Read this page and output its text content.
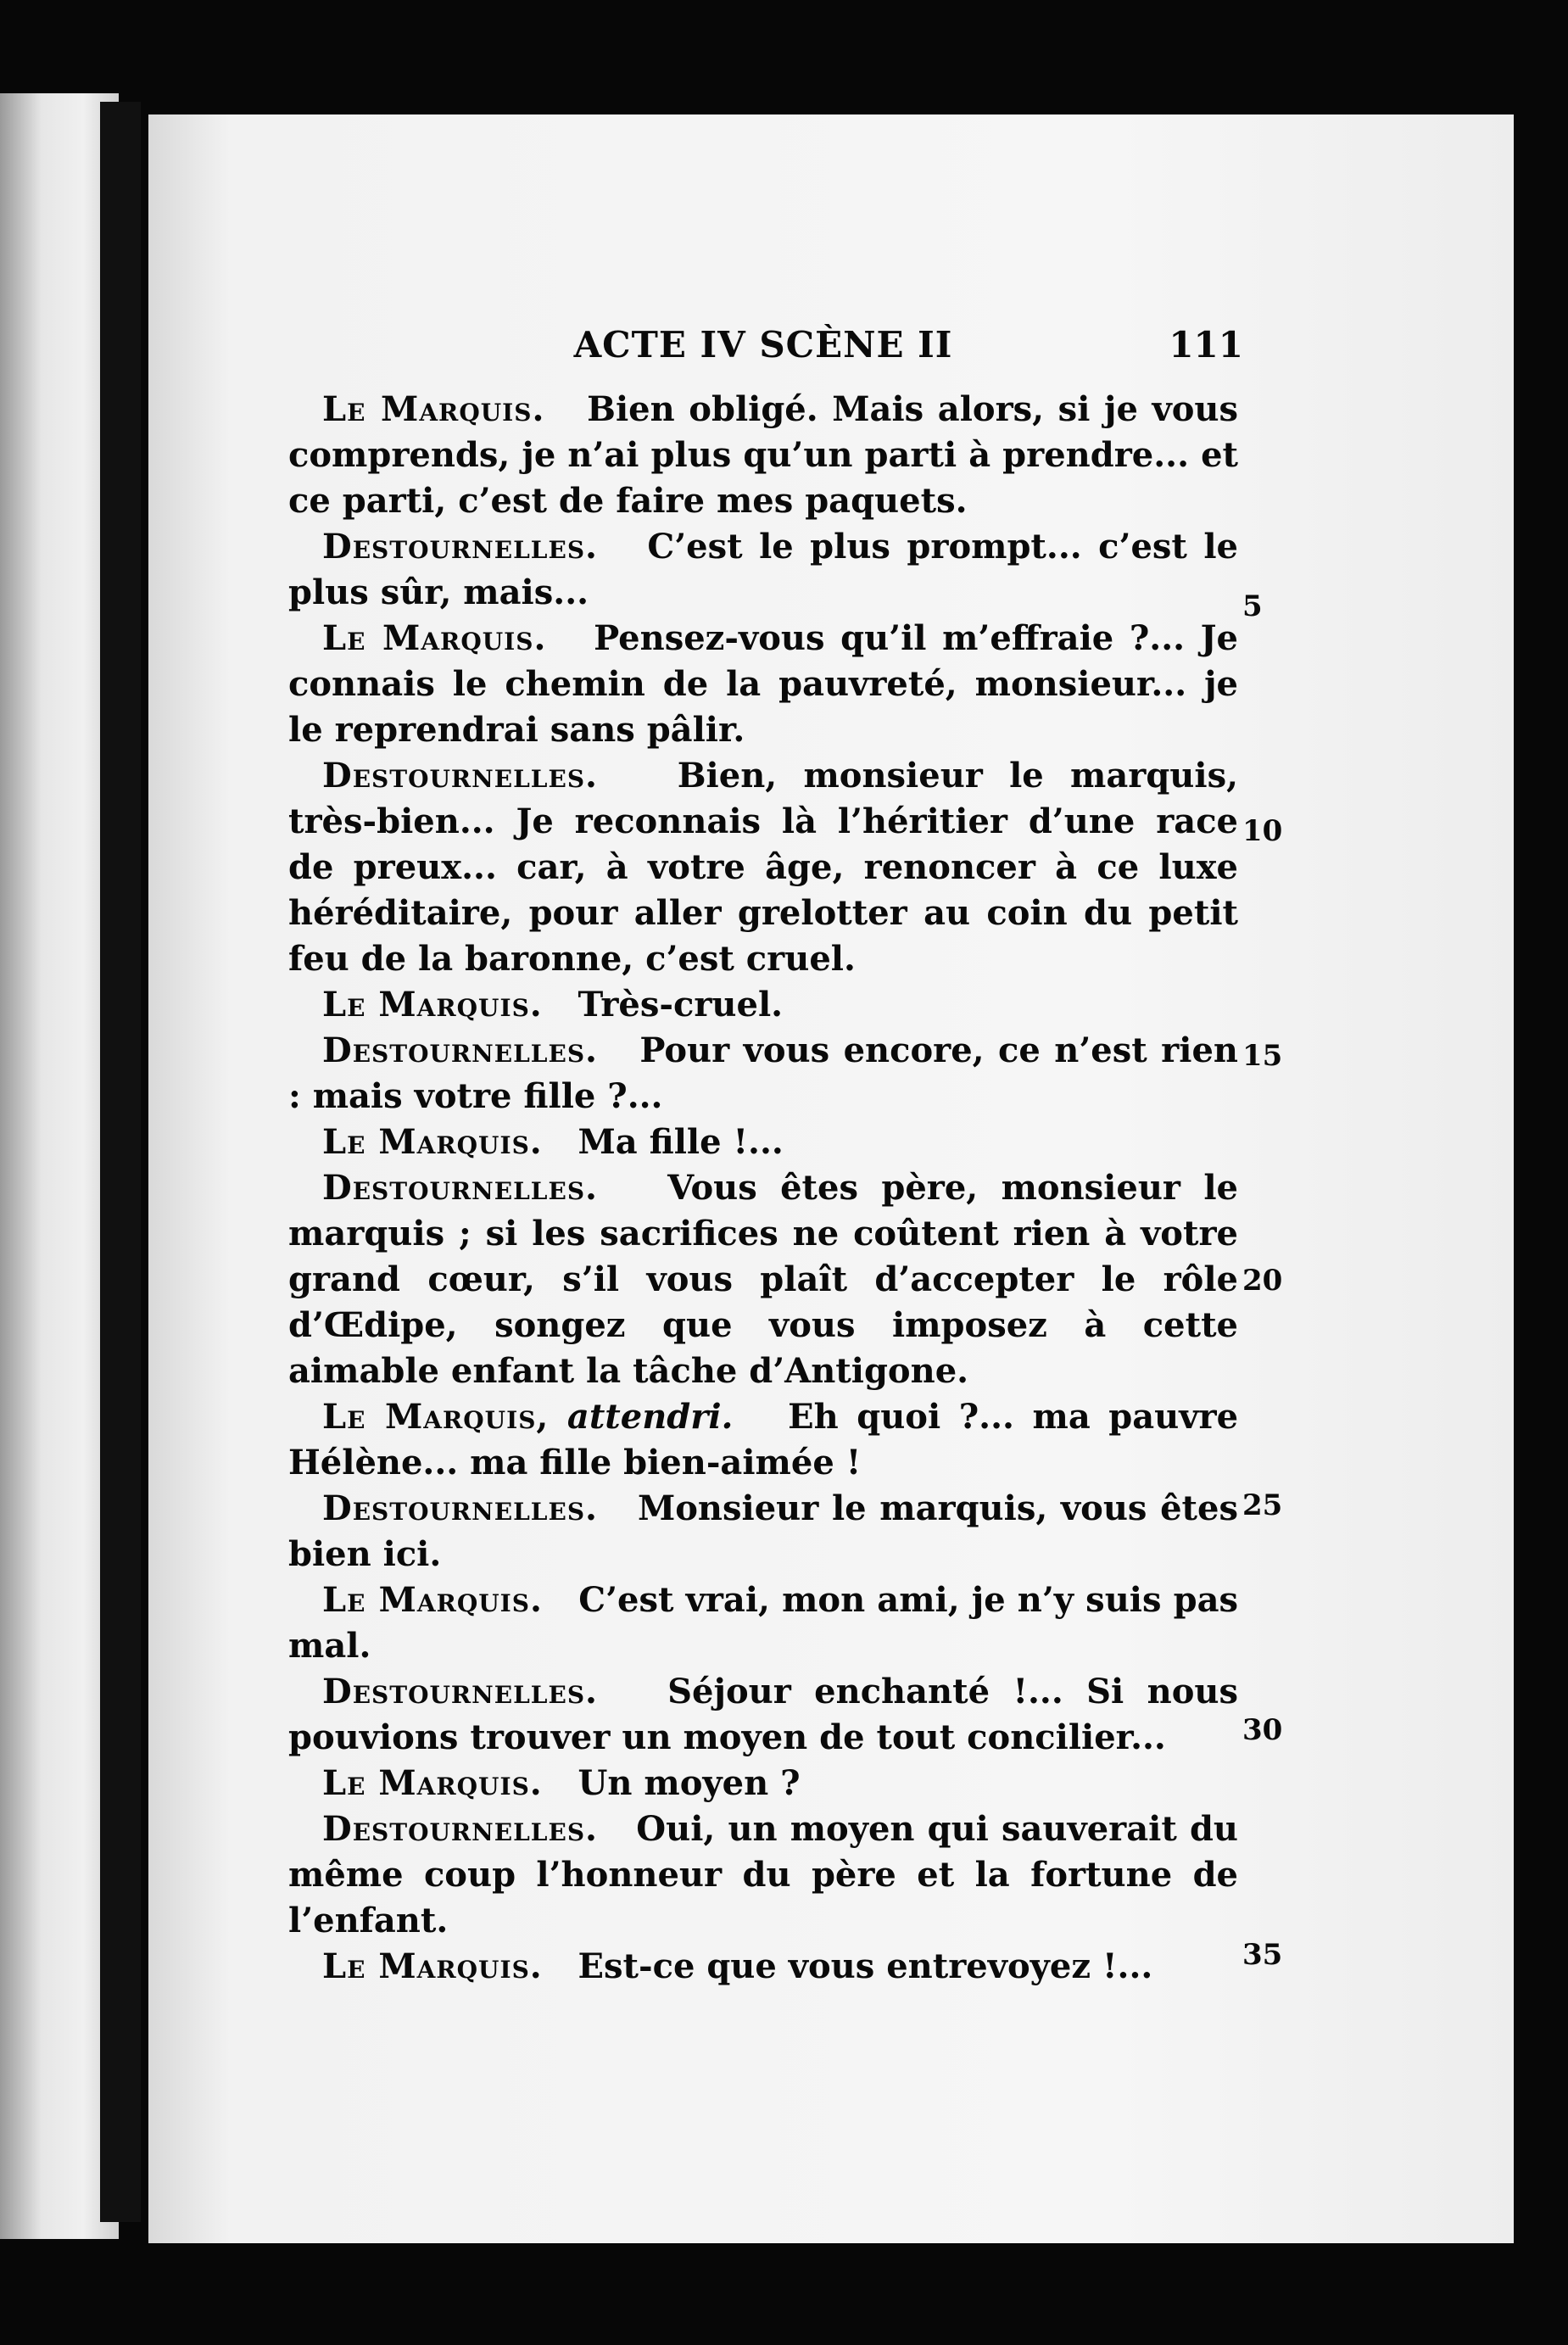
ACTE IV SCÈNE II	111

Le Marquis. Bien obligé. Mais alors, si je vous comprends, je n’ai plus qu’un parti à prendre... et ce parti, c’est de faire mes paquets.

Destournelles. C’est le plus prompt... c’est le plus sûr, mais...

Le Marquis. Pensez-vous qu’il m’effraie ?... Je connais le chemin de la pauvreté, monsieur... je le reprendrai sans pâlir.

Destournelles. Bien, monsieur le marquis, très-bien... Je reconnais là l’héritier d’une race de preux... car, à votre âge, renoncer à ce luxe héréditaire, pour aller grelotter au coin du petit feu de la baronne, c’est cruel.

Le Marquis. Très-cruel.

Destournelles. Pour vous encore, ce n’est rien : mais votre fille ?...

Le Marquis. Ma fille !...

Destournelles. Vous êtes père, monsieur le marquis ; si les sacrifices ne coûtent rien à votre grand cœur, s’il vous plaît d’accepter le rôle d’Œdipe, songez que vous imposez à cette aimable enfant la tâche d’Antigone.

Le Marquis, attendri. Eh quoi ?... ma pauvre Hélène... ma fille bien-aimée !

Destournelles. Monsieur le marquis, vous êtes bien ici.

Le Marquis. C’est vrai, mon ami, je n’y suis pas mal.

Destournelles. Séjour enchanté !... Si nous pouvions trouver un moyen de tout concilier...

Le Marquis. Un moyen ?

Destournelles. Oui, un moyen qui sauverait du même coup l’honneur du père et la fortune de l’enfant.

Le Marquis. Est-ce que vous entrevoyez !...

5
10
15
20
25
30
35
